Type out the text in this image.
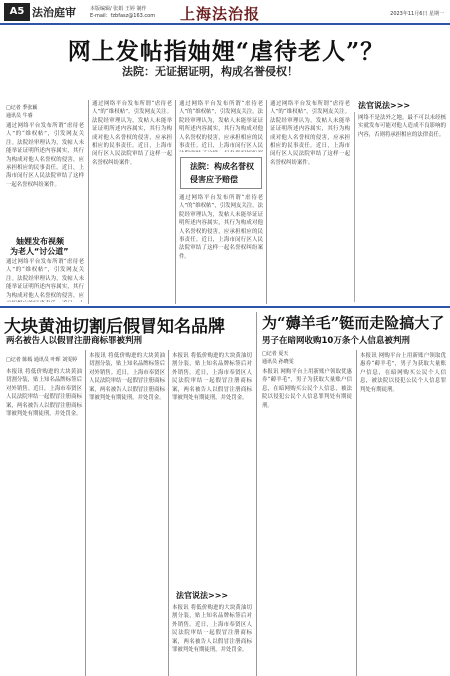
A5 法治庭审	本版编辑/ 张娟 王婷 制作
E-mail：fzbfasz@163.com 上海法治报	2023年11月6日 星期一
网上发帖指妯娌“虐待老人”？
法院：无证据证明，构成名誉侵权！
□记者 季张颖
通讯员 牛睿
通过网络平台发布所谓“虐待老人”的“维权帖”，引发网友关注。法院经审理认为，发帖人未能举证证明所述内容属实，其行为构成对他人名誉权的侵害，应承担相应的民事责任。近日，上海市闵行区人民法院审结了这样一起名誉权纠纷案件。
妯娌发布视频
为老人“讨公道”
通过网络平台发布所谓“虐待老人”的“维权帖”，引发网友关注。法院经审理认为，发帖人未能举证证明所述内容属实，其行为构成对他人名誉权的侵害，应
通过网络平台发布所谓“虐待老人”的“维权帖”，引发网友关注。法院经审理认为，发帖人未能举证证明所述内容属实，其行为构成对他人名誉权的侵害，应承担相应的民事责任。近日，上海市闵行区人民法院审结了这样一起名誉权纠纷案件。
通过网络平台发布所谓“虐待老人”的“维权帖”，引发网友关注。法院经审理认为，发帖人未能举证证明所述内容属实，其行为构成对他人名誉权的侵害，应承担相应的民事责任。近日，上海市闵行区人民
法院：构成名誉权
侵害应予赔偿
通过网络平台发布所谓“虐待老人”的“维权帖”，引发网友关注。法院经审理认为，发帖人未能举证证明所述内容属实，其行为构成对他人名誉权的侵害，应承担相应的民事责任。近日，上海市闵行区人民法院审结了这样一起名誉权纠纷案件。
通过网络平台发布所谓“虐待老人”的“维权帖”，引发网友关注。法院经审理认为，发帖人未能举证证明所述内容属实，其行为构成对他人名誉权的侵害，应承担相应的民事责任。近日，上海市闵行区人民法院审结了这样一起名誉权纠纷案件。
法官说法>>>
网络不是法外之地。最不可以未经核实就发布可能对他人造成不良影响的内容，否则将承担相应的法律责任。
大块黄油切割后假冒知名品牌
两名被告人以假冒注册商标罪被判刑
□记者 陈嫣 通讯员 叶晖 刘雯婷
本报讯 将低价购进的大块黄油切割分装，贴上知名品牌标签后对外销售。近日，上海市奉贤区人民法院审结一起假冒注册商标案，两名被告人以假冒注册商标罪被判处有期徒刑，并处罚金。
本报讯 将低价购进的大块黄油切割分装，贴上知名品牌标签后对外销售。近日，上海市奉贤区人民法院审结一起假冒注册商标案，两名被告人以假冒注册商标罪被判处有期徒刑，并处罚金。
本报讯 将低价购进的大块黄油切割分装，贴上知名品牌标签后对外销售。近日，上海市奉贤区人民法院审结一起假冒注册商标案，两名被告人以假冒注册商标罪被判处有期徒刑，并处罚金。
法官说法>>>
本报讯 将低价购进的大块黄油切割分装，贴上知名品牌标签后对外销售。近日，上海市奉贤区人民法院审结一起假冒注册商标案，两名被告人以假冒注册商标罪被判处有期徒刑，并处罚金。
为“薅羊毛”铤而走险搞大了
男子在暗网收购10万条个人信息被判刑
□记者 夏天
通讯员 孙晓雯
本报讯 网购平台上用新账户领取优惠券“薅羊毛”，男子为获取大量账户信息，在暗网购买公民个人信息，被法院以侵犯公民个人信息罪判处有期徒刑。
本报讯 网购平台上用新账户领取优惠券“薅羊毛”，男子为获取大量账户信息，在暗网购买公民个人信息，被法院以侵犯公民个人信息罪判处有期徒刑。
